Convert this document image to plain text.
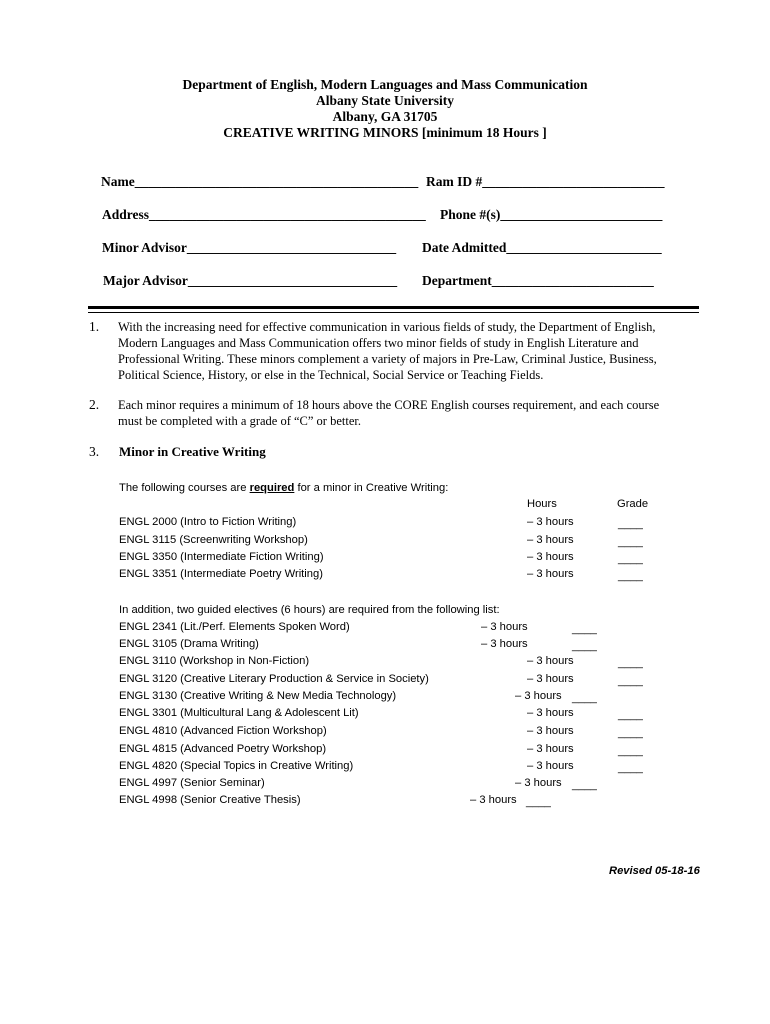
Department of English, Modern Languages and Mass Communication
Albany State University
Albany, GA 31705
CREATIVE WRITING MINORS [minimum 18 Hours ]
Name__________________________________________ Ram ID #___________________________
Address_________________________________________ Phone #(s)________________________
Minor Advisor_______________________________ Date Admitted_______________________
Major Advisor_______________________________ Department________________________
1. With the increasing need for effective communication in various fields of study, the Department of English, Modern Languages and Mass Communication offers two minor fields of study in English Literature and Professional Writing. These minors complement a variety of majors in Pre-Law, Criminal Justice, Business, Political Science, History, or else in the Technical, Social Service or Teaching Fields.
2. Each minor requires a minimum of 18 hours above the CORE English courses requirement, and each course must be completed with a grade of “C” or better.
3. Minor in Creative Writing
The following courses are required for a minor in Creative Writing:
Hours	Grade
ENGL 2000 (Intro to Fiction Writing)	– 3 hours	____
ENGL 3115 (Screenwriting Workshop)	– 3 hours	____
ENGL 3350 (Intermediate Fiction Writing)	– 3 hours	____
ENGL 3351 (Intermediate Poetry Writing)	– 3 hours	____
In addition, two guided electives (6 hours) are required from the following list:
ENGL 2341 (Lit./Perf. Elements Spoken Word)	– 3 hours	____
ENGL 3105 (Drama Writing)	– 3 hours	____
ENGL 3110 (Workshop in Non-Fiction)	– 3 hours	____
ENGL 3120 (Creative Literary Production & Service in Society)	– 3 hours	____
ENGL 3130 (Creative Writing & New Media Technology)	– 3 hours ____
ENGL 3301 (Multicultural Lang & Adolescent Lit)	– 3 hours	____
ENGL 4810 (Advanced Fiction Workshop)	– 3 hours	____
ENGL 4815 (Advanced Poetry Workshop)	– 3 hours	____
ENGL 4820 (Special Topics in Creative Writing)	– 3 hours	____
ENGL 4997 (Senior Seminar)	– 3 hours ____
ENGL 4998 (Senior Creative Thesis)	– 3 hours ____
Revised 05-18-16
